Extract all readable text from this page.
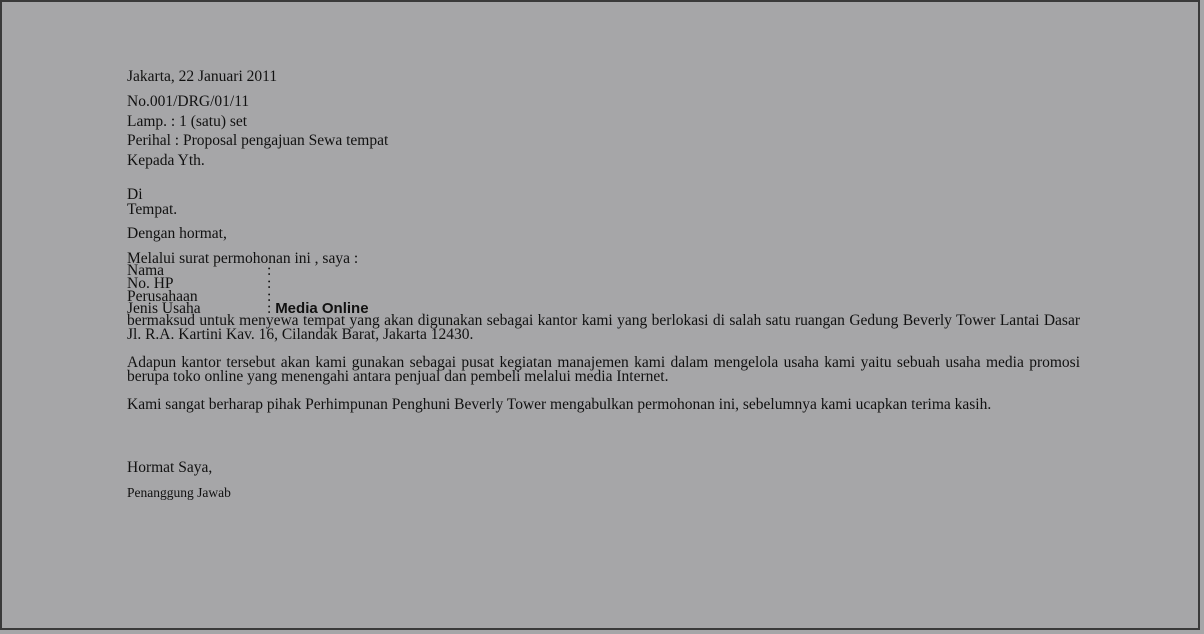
Jakarta, 22 Januari 2011
No.001/DRG/01/11
Lamp. : 1 (satu) set
Perihal : Proposal pengajuan Sewa tempat
Kepada Yth.
Di
Tempat.
Dengan hormat,
Melalui surat permohonan ini , saya :
Nama	:
No. HP	:
Perusahaan	:
Jenis Usaha	: Media Online
bermaksud untuk menyewa tempat yang akan digunakan sebagai kantor kami yang berlokasi di salah satu ruangan Gedung Beverly Tower Lantai Dasar Jl. R.A. Kartini Kav. 16, Cilandak Barat, Jakarta 12430.
Adapun kantor tersebut akan kami gunakan sebagai pusat kegiatan manajemen kami dalam mengelola usaha kami yaitu sebuah usaha media promosi berupa toko online yang menengahi antara penjual dan pembeli melalui media Internet.
Kami sangat berharap pihak Perhimpunan Penghuni Beverly Tower mengabulkan permohonan ini, sebelumnya kami ucapkan terima kasih.
Hormat Saya,
Penanggung Jawab
